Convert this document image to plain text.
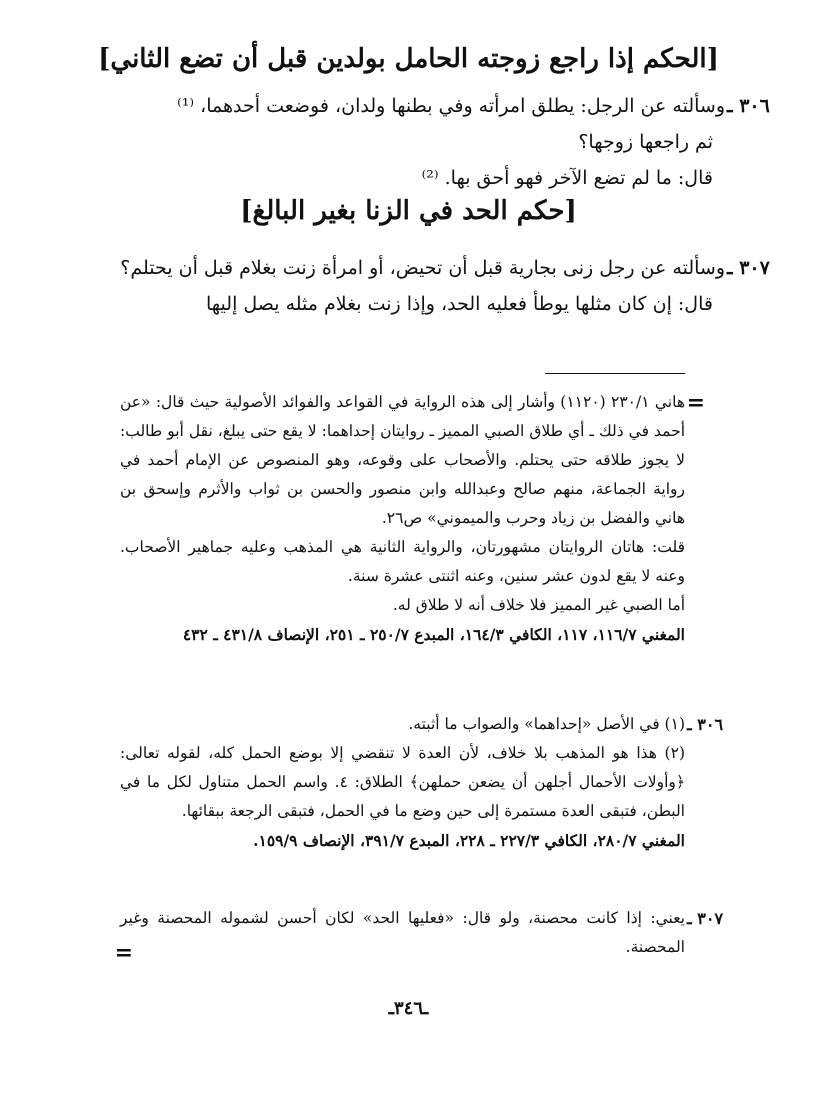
[الحكم إذا راجع زوجته الحامل بولدين قبل أن تضع الثاني]
٣٠٦ ـ

وسألته عن الرجل: يطلق امرأته وفي بطنها ولدان، فوضعت أحدهما، ⁽¹⁾

ثم راجعها زوجها؟

قال: ما لم تضع الآخر فهو أحق بها. ⁽²⁾

[حكم الحد في الزنا بغير البالغ]
٣٠٧ ـ

وسألته عن رجل زنى بجارية قبل أن تحيض، أو امرأة زنت بغلام قبل أن يحتلم؟

قال: إن كان مثلها يوطأ فعليه الحد، وإذا زنت بغلام مثله يصل إليها

=

هاني ٢٣٠/١ (١١٢٠) وأشار إلى هذه الرواية في القواعد والفوائد الأصولية حيث قال: «عن أحمد في ذلك ـ أي طلاق الصبي المميز ـ روايتان إحداهما: لا يقع حتى يبلغ، نقل أبو طالب: لا يجوز طلاقه حتى يحتلم. والأصحاب على وقوعه، وهو المنصوص عن الإمام أحمد في رواية الجماعة، منهم صالح وعبدالله وابن منصور والحسن بن ثواب والأثرم وإسحق بن هاني والفضل بن زياد وحرب والميموني» ص٢٦.

قلت: هاتان الروايتان مشهورتان، والرواية الثانية هي المذهب وعليه جماهير الأصحاب. وعنه لا يقع لدون عشر سنين، وعنه اثنتى عشرة سنة.

أما الصبي غير المميز فلا خلاف أنه لا طلاق له.

المغني ١١٦/٧، ١١٧، الكافي ١٦٤/٣، المبدع ٢٥٠/٧ ـ ٢٥١، الإنصاف ٤٣١/٨ ـ ٤٣٢

٣٠٦ ـ

(١) في الأصل «إحداهما» والصواب ما أثبته.

(٢) هذا هو المذهب بلا خلاف، لأن العدة لا تنقضي إلا بوضع الحمل كله، لقوله تعالى: ﴿وأولات الأحمال أجلهن أن يضعن حملهن﴾ الطلاق: ٤. واسم الحمل متناول لكل ما في البطن، فتبقى العدة مستمرة إلى حين وضع ما في الحمل، فتبقى الرجعة ببقائها.

المغني ٢٨٠/٧، الكافي ٢٢٧/٣ ـ ٢٢٨، المبدع ٣٩١/٧، الإنصاف ١٥٩/٩.

٣٠٧ ـ

يعني: إذا كانت محصنة، ولو قال: «فعليها الحد» لكان أحسن لشموله المحصنة وغير المحصنة.

=
ـ٣٤٦ـ
